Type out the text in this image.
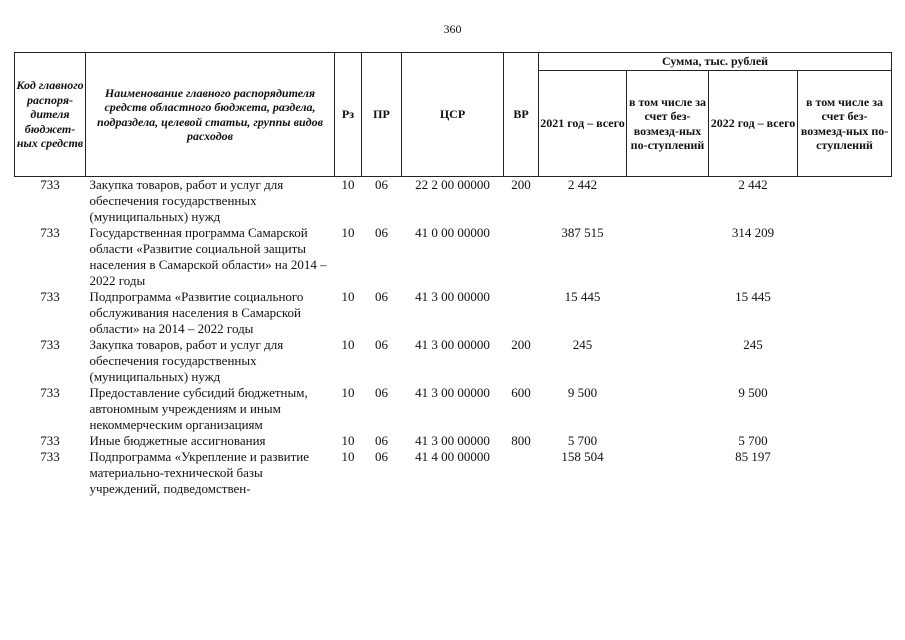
360
Код главного распоря-дителя бюджет-ных средств	Наименование главного распорядителя средств областного бюджета, раздела, подраздела, целевой статьи, группы видов расходов	Рз	ПР	ЦСР	ВР	Сумма, тыс. рублей			
						2021 год – всего	в том числе за счет без-возмезд-ных по-ступлений	2022 год – всего	в том числе за счет без-возмезд-ных по-ступлений
733	Закупка товаров, работ и услуг для обеспечения государственных (муниципальных) нужд	10	06	22 2 00 00000	200	2 442		2 442	
733	Государственная программа Самарской области «Развитие социальной защиты населения в Самарской области» на 2014 – 2022 годы	10	06	41 0 00 00000		387 515		314 209	
733	Подпрограмма «Развитие социального обслуживания населения в Самарской области» на 2014 – 2022 годы	10	06	41 3 00 00000		15 445		15 445	
733	Закупка товаров, работ и услуг для обеспечения государственных (муниципальных) нужд	10	06	41 3 00 00000	200	245		245	
733	Предоставление субсидий бюджетным, автономным учреждениям и иным некоммерческим организациям	10	06	41 3 00 00000	600	9 500		9 500	
733	Иные бюджетные ассигнования	10	06	41 3 00 00000	800	5 700		5 700	
733	Подпрограмма «Укрепление и развитие материально-технической базы учреждений, подведомствен-	10	06	41 4 00 00000		158 504		85 197	
